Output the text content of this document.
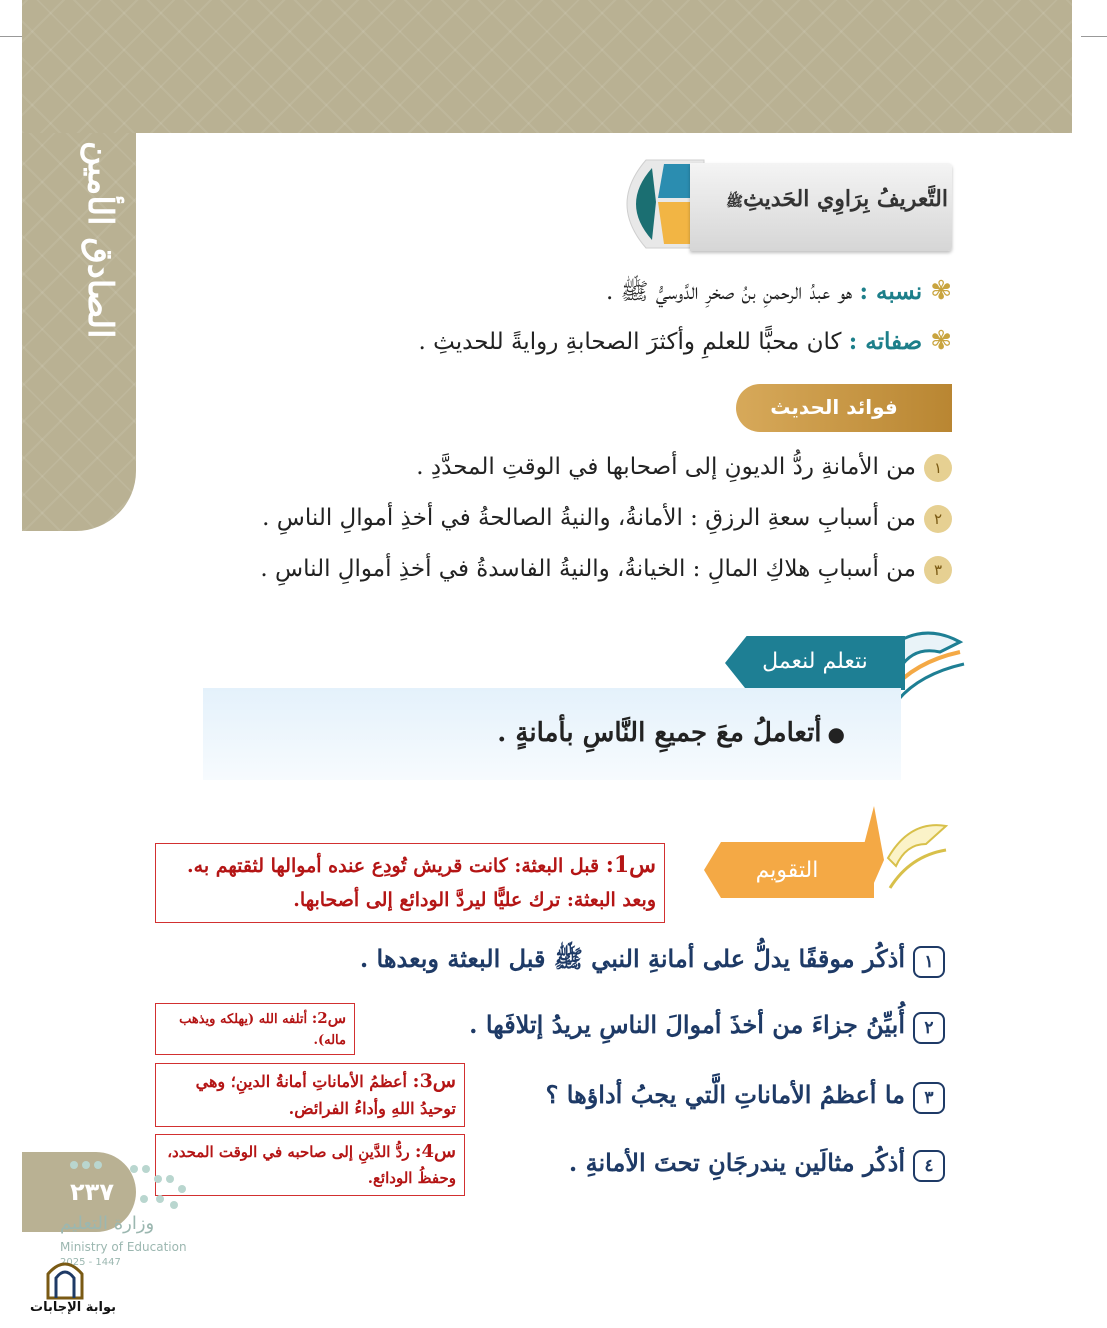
الصادق الأمين	التَّعريفُ بِرَاوِي الحَديثِﷺ
✾نسبه : هو عبدُ الرحمنِ بنُ صخرِ الدَّوسيُّ ﷺ .
✾صفاته : كان محبًّا للعلمِ وأكثرَ الصحابةِ روايةً للحديثِ .
فوائد الحديث
١من الأمانةِ ردُّ الديونِ إلى أصحابها في الوقتِ المحدَّدِ .
٢من أسبابِ سعةِ الرزقِ : الأمانةُ، والنيةُ الصالحةُ في أخذِ أموالِ الناسِ .
٣من أسبابِ هلاكِ المالِ : الخيانةُ، والنيةُ الفاسدةُ في أخذِ أموالِ الناسِ .
نتعلم لنعمل
●أتعاملُ معَ جميعِ النَّاسِ بأمانةٍ .
التقويم
س1: قبل البعثة: كانت قريش تُودِع عنده أموالها لثقتهم به. وبعد البعثة: ترك عليًّا ليردَّ الودائع إلى أصحابها.
س2: أتلفه الله (يهلكه ويذهب ماله).
س3: أعظمُ الأماناتِ أمانةُ الدينِ؛ وهي توحيدُ اللهِ وأداءُ الفرائض.
س4: ردُّ الدَّينِ إلى صاحبه في الوقت المحدد، وحفظُ الودائع.
١أذكُر موقفًا يدلُّ على أمانةِ النبي ﷺ قبل البعثة وبعدها .
٢أُبيِّنُ جزاءَ من أخذَ أموالَ الناسِ يريدُ إتلافَها .
٣ما أعظمُ الأماناتِ الَّتي يجبُ أداؤها ؟
٤أذكُر مثالَين يندرجَانِ تحتَ الأمانةِ .
٢٣٧
وزارة التعليم
Ministry of Education
2025 - 1447
بوابة الإجابات
